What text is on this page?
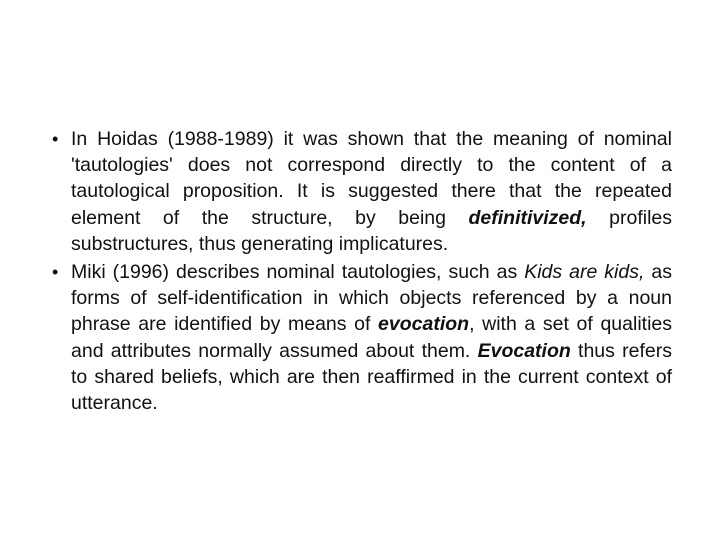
• In Hoidas (1988-1989) it was shown that the meaning of nominal 'tautologies' does not correspond directly to the content of a tautological proposition. It is suggested there that the repeated element of the structure, by being definitivized, profiles substructures, thus generating implicatures.
• Miki (1996) describes nominal tautologies, such as Kids are kids, as forms of self-identification in which objects referenced by a noun phrase are identified by means of evocation, with a set of qualities and attributes normally assumed about them. Evocation thus refers to shared beliefs, which are then reaffirmed in the current context of utterance.
